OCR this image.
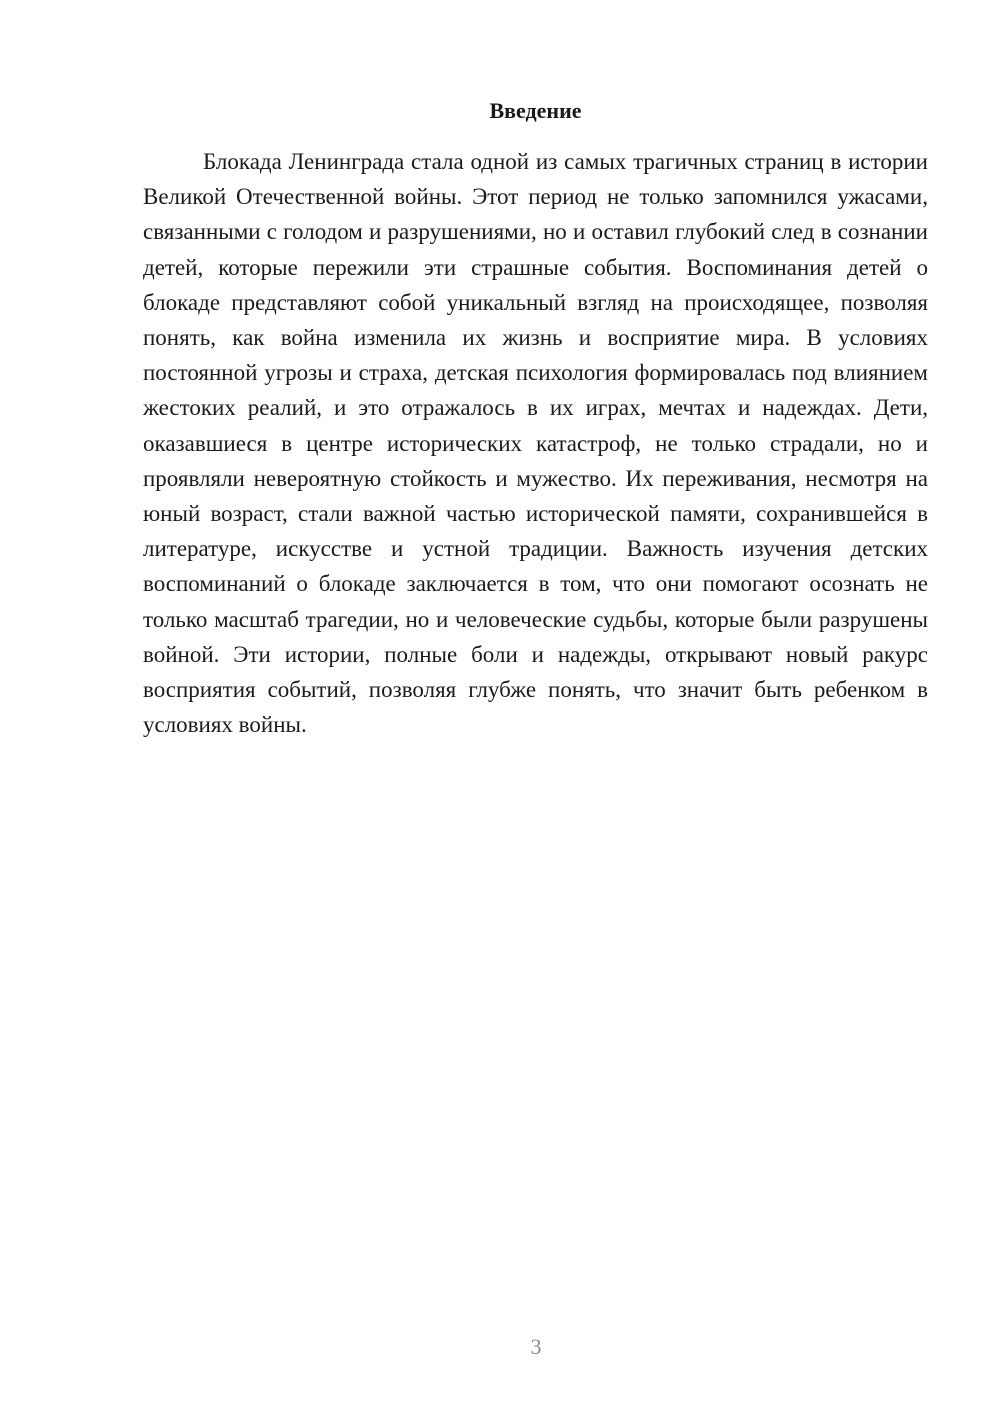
Введение

Блокада Ленинграда стала одной из самых трагичных страниц в истории Великой Отечественной войны. Этот период не только запомнился ужасами, связанными с голодом и разрушениями, но и оставил глубокий след в сознании детей, которые пережили эти страшные события. Воспоминания детей о блокаде представляют собой уникальный взгляд на происходящее, позволяя понять, как война изменила их жизнь и восприятие мира. В условиях постоянной угрозы и страха, детская психология формировалась под влиянием жестоких реалий, и это отражалось в их играх, мечтах и надеждах. Дети, оказавшиеся в центре исторических катастроф, не только страдали, но и проявляли невероятную стойкость и мужество. Их переживания, несмотря на юный возраст, стали важной частью исторической памяти, сохранившейся в литературе, искусстве и устной традиции. Важность изучения детских воспоминаний о блокаде заключается в том, что они помогают осознать не только масштаб трагедии, но и человеческие судьбы, которые были разрушены войной. Эти истории, полные боли и надежды, открывают новый ракурс восприятия событий, позволяя глубже понять, что значит быть ребенком в условиях войны.

3
